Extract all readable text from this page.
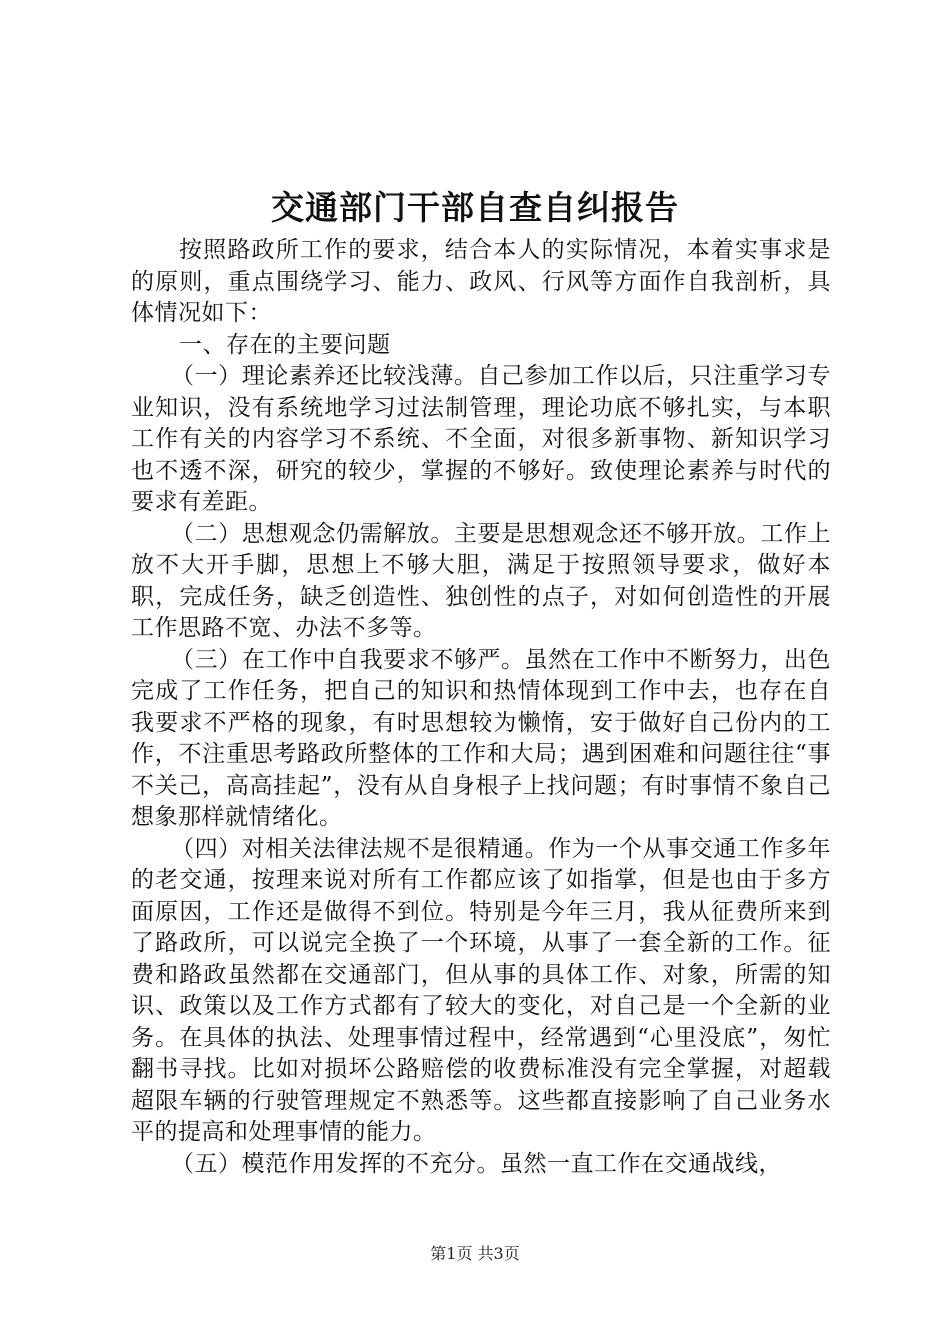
交通部门干部自查自纠报告

按照路政所工作的要求，结合本人的实际情况，本着实事求是的原则，重点围绕学习、能力、政风、行风等方面作自我剖析，具体情况如下：

一、存在的主要问题

（一）理论素养还比较浅薄。自己参加工作以后，只注重学习专业知识，没有系统地学习过法制管理，理论功底不够扎实，与本职工作有关的内容学习不系统、不全面，对很多新事物、新知识学习也不透不深，研究的较少，掌握的不够好。致使理论素养与时代的要求有差距。

（二）思想观念仍需解放。主要是思想观念还不够开放。工作上放不大开手脚，思想上不够大胆，满足于按照领导要求，做好本职，完成任务，缺乏创造性、独创性的点子，对如何创造性的开展工作思路不宽、办法不多等。

（三）在工作中自我要求不够严。虽然在工作中不断努力，出色完成了工作任务，把自己的知识和热情体现到工作中去，也存在自我要求不严格的现象，有时思想较为懒惰，安于做好自己份内的工作，不注重思考路政所整体的工作和大局；遇到困难和问题往往“事不关己，高高挂起”，没有从自身根子上找问题；有时事情不象自己想象那样就情绪化。

（四）对相关法律法规不是很精通。作为一个从事交通工作多年的老交通，按理来说对所有工作都应该了如指掌，但是也由于多方面原因，工作还是做得不到位。特别是今年三月，我从征费所来到了路政所，可以说完全换了一个环境，从事了一套全新的工作。征费和路政虽然都在交通部门，但从事的具体工作、对象，所需的知识、政策以及工作方式都有了较大的变化，对自己是一个全新的业务。在具体的执法、处理事情过程中，经常遇到“心里没底”，匆忙翻书寻找。比如对损坏公路赔偿的收费标准没有完全掌握，对超载超限车辆的行驶管理规定不熟悉等。这些都直接影响了自己业务水平的提高和处理事情的能力。

（五）模范作用发挥的不充分。虽然一直工作在交通战线，

第1页 共3页
